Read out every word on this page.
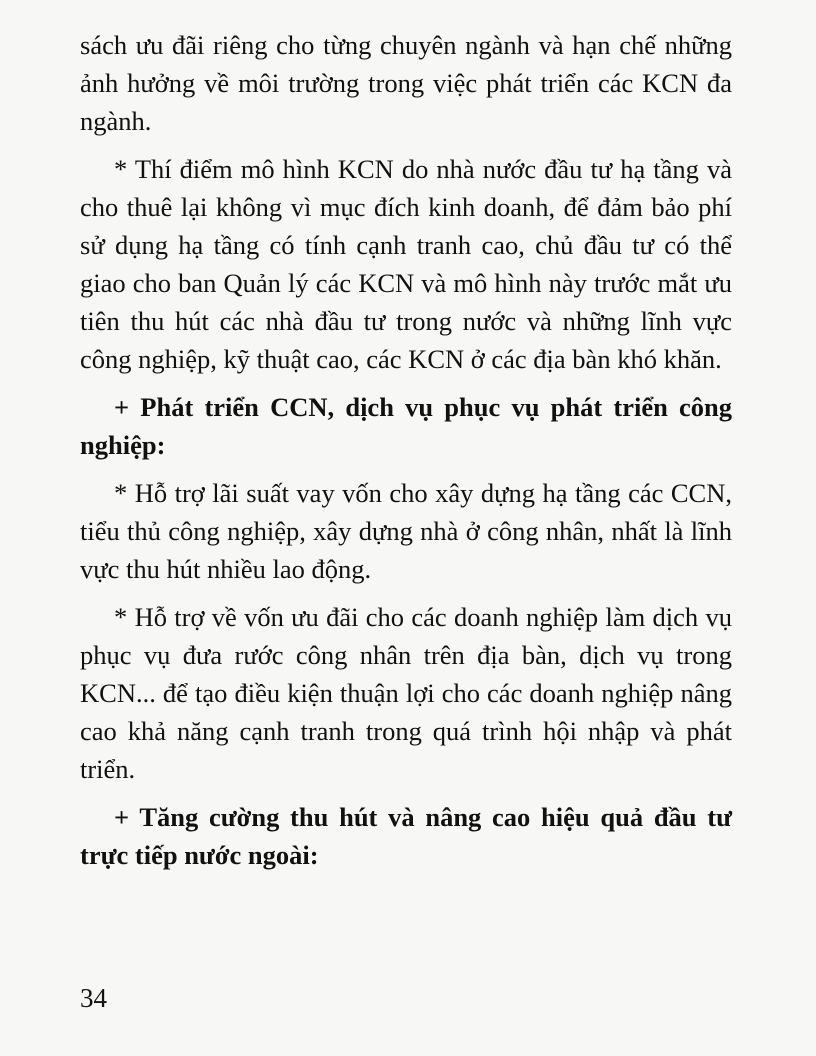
sách ưu đãi riêng cho từng chuyên ngành và hạn chế những ảnh hưởng về môi trường trong việc phát triển các KCN đa ngành.

* Thí điểm mô hình KCN do nhà nước đầu tư hạ tầng và cho thuê lại không vì mục đích kinh doanh, để đảm bảo phí sử dụng hạ tầng có tính cạnh tranh cao, chủ đầu tư có thể giao cho ban Quản lý các KCN và mô hình này trước mắt ưu tiên thu hút các nhà đầu tư trong nước và những lĩnh vực công nghiệp, kỹ thuật cao, các KCN ở các địa bàn khó khăn.

+ Phát triển CCN, dịch vụ phục vụ phát triển công nghiệp:

* Hỗ trợ lãi suất vay vốn cho xây dựng hạ tầng các CCN, tiểu thủ công nghiệp, xây dựng nhà ở công nhân, nhất là lĩnh vực thu hút nhiều lao động.

* Hỗ trợ về vốn ưu đãi cho các doanh nghiệp làm dịch vụ phục vụ đưa rước công nhân trên địa bàn, dịch vụ trong KCN... để tạo điều kiện thuận lợi cho các doanh nghiệp nâng cao khả năng cạnh tranh trong quá trình hội nhập và phát triển.

+ Tăng cường thu hút và nâng cao hiệu quả đầu tư trực tiếp nước ngoài:

34
